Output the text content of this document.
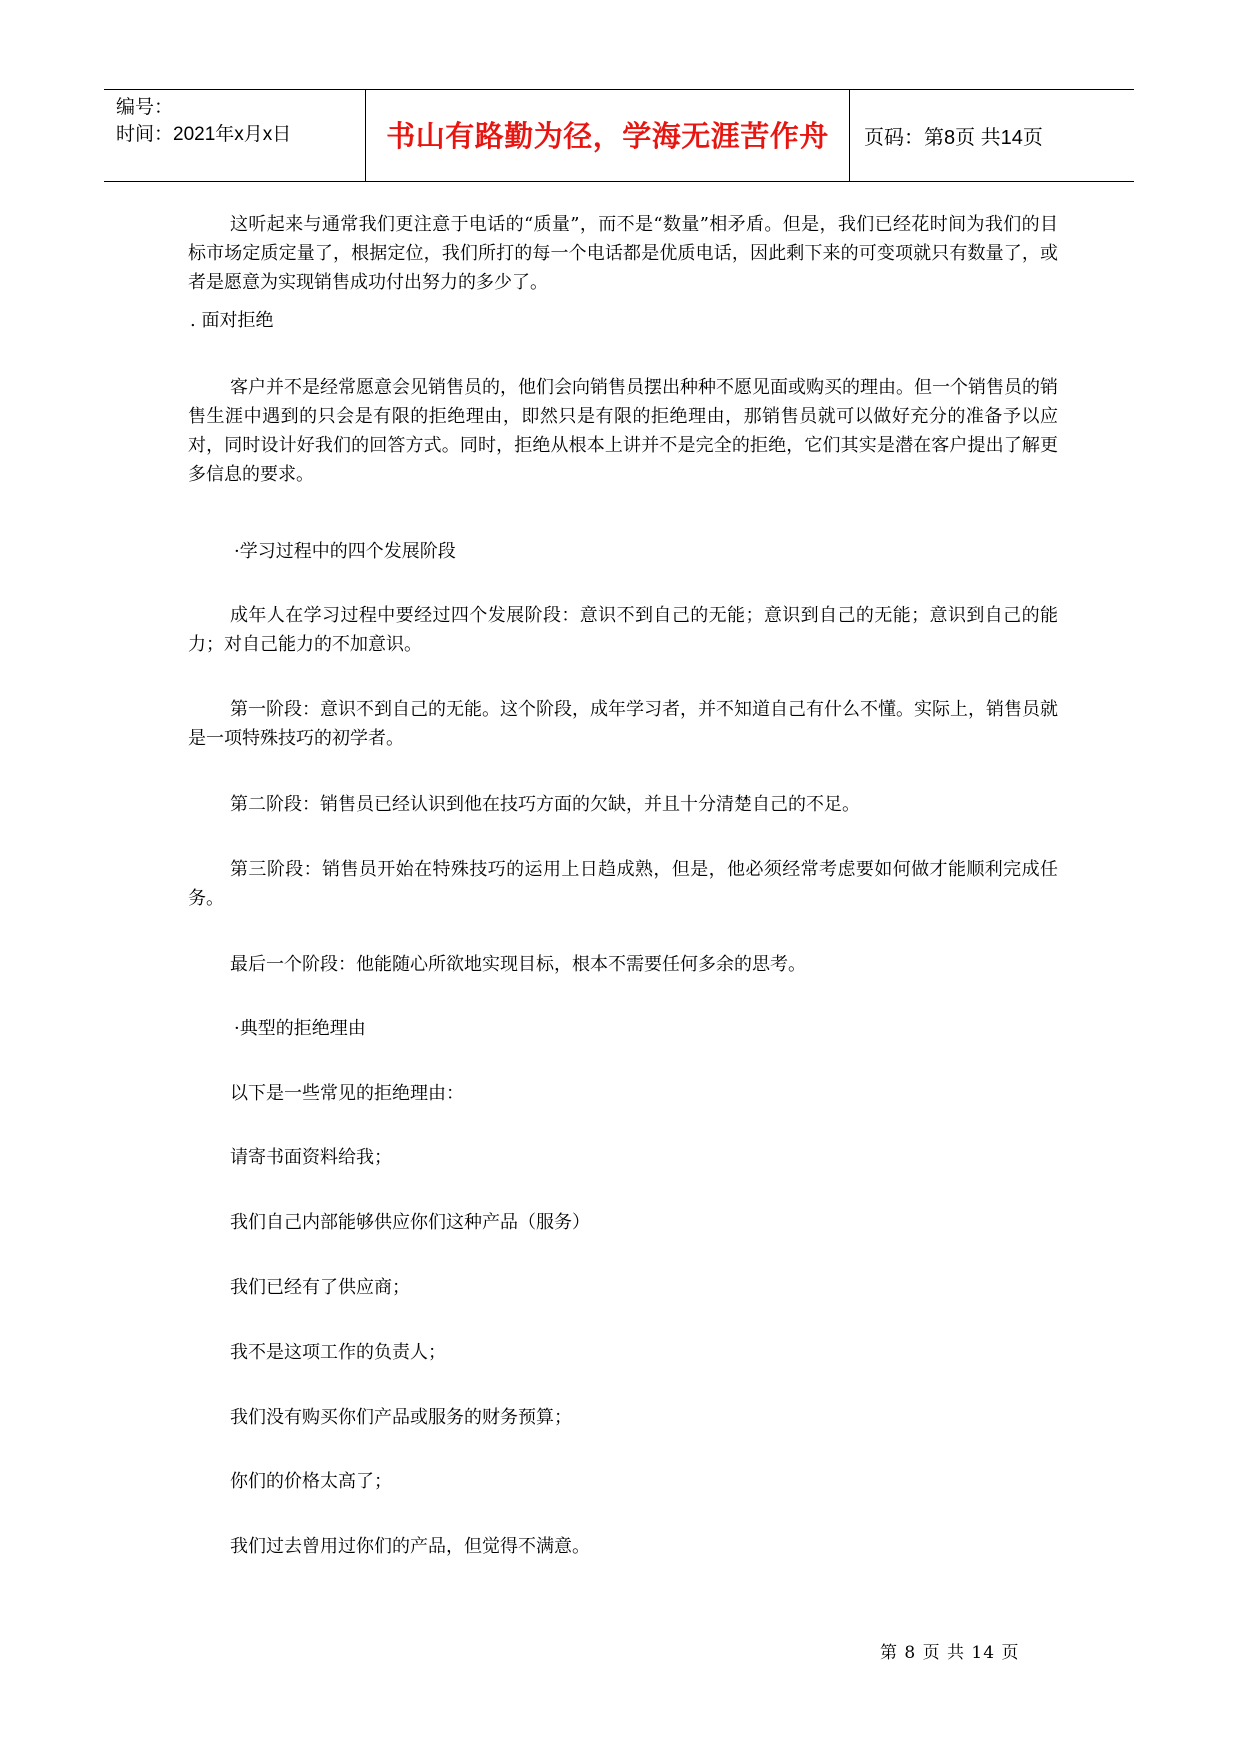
编号：
时间：2021年x月x日	书山有路勤为径，学海无涯苦作舟	页码：第8页 共14页

这听起来与通常我们更注意于电话的“质量”，而不是“数量”相矛盾。但是，我们已经花时间为我们的目标市场定质定量了，根据定位，我们所打的每一个电话都是优质电话，因此剩下来的可变项就只有数量了，或者是愿意为实现销售成功付出努力的多少了。

. 面对拒绝

客户并不是经常愿意会见销售员的，他们会向销售员摆出种种不愿见面或购买的理由。但一个销售员的销售生涯中遇到的只会是有限的拒绝理由，即然只是有限的拒绝理由，那销售员就可以做好充分的准备予以应对，同时设计好我们的回答方式。同时，拒绝从根本上讲并不是完全的拒绝，它们其实是潜在客户提出了解更多信息的要求。

·学习过程中的四个发展阶段

成年人在学习过程中要经过四个发展阶段：意识不到自己的无能；意识到自己的无能；意识到自己的能力；对自己能力的不加意识。

第一阶段：意识不到自己的无能。这个阶段，成年学习者，并不知道自己有什么不懂。实际上，销售员就是一项特殊技巧的初学者。

第二阶段：销售员已经认识到他在技巧方面的欠缺，并且十分清楚自己的不足。

第三阶段：销售员开始在特殊技巧的运用上日趋成熟，但是，他必须经常考虑要如何做才能顺利完成任务。

最后一个阶段：他能随心所欲地实现目标，根本不需要任何多余的思考。

·典型的拒绝理由

以下是一些常见的拒绝理由：

请寄书面资料给我；

我们自己内部能够供应你们这种产品（服务）

我们已经有了供应商；

我不是这项工作的负责人；

我们没有购买你们产品或服务的财务预算；

你们的价格太高了；

我们过去曾用过你们的产品，但觉得不满意。

第 8 页 共 14 页
